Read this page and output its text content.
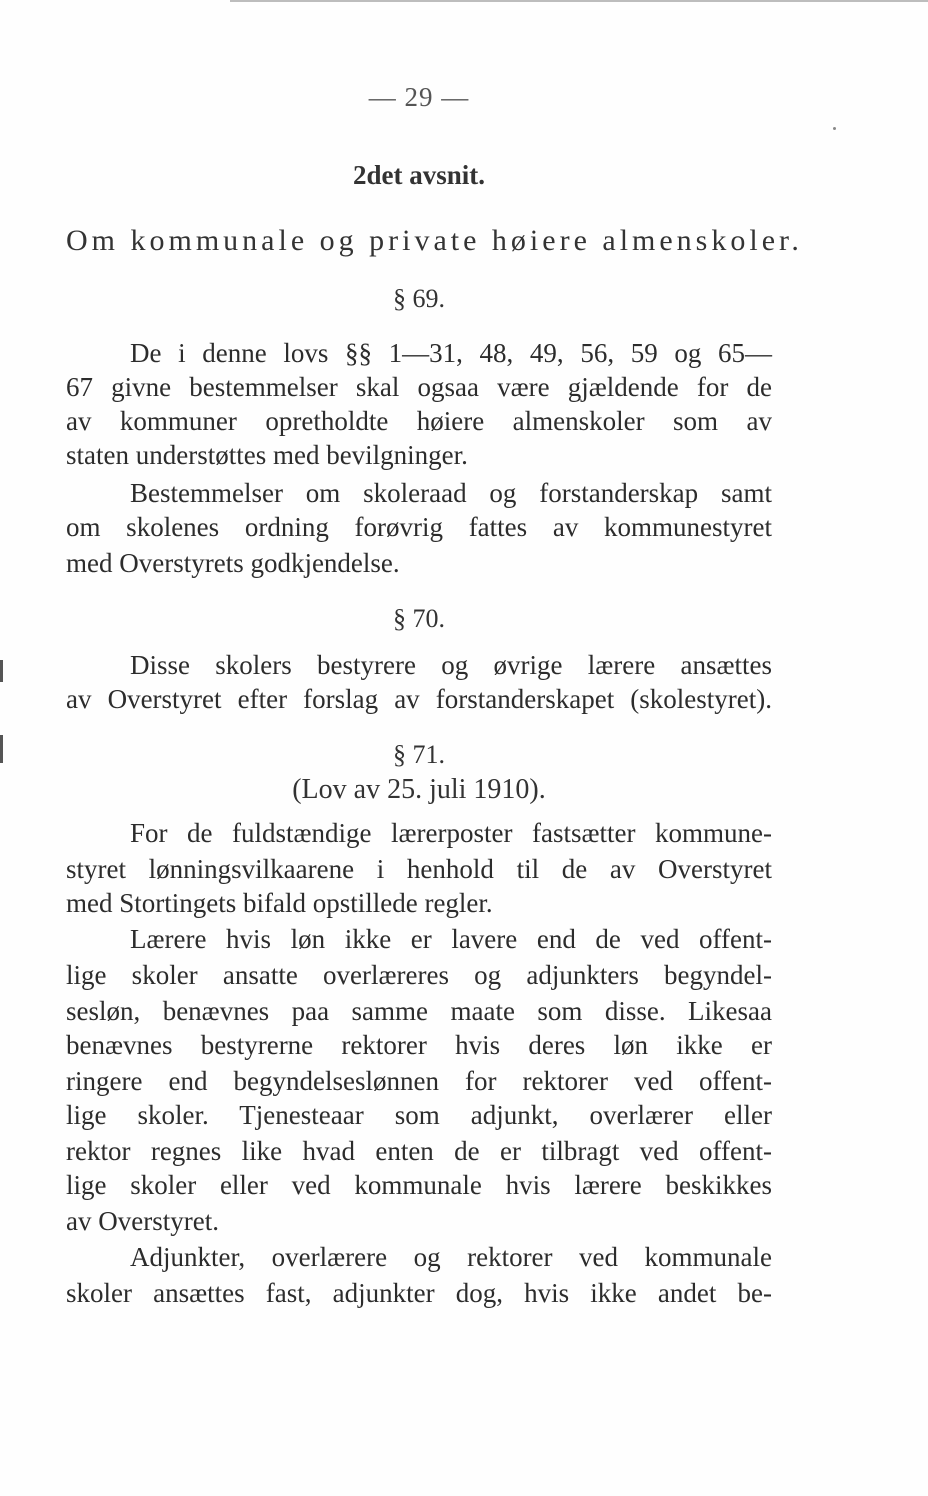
— 29 —
2det avsnit.
Om kommunale og private høiere almenskoler.
§ 69.
De i denne lovs §§ 1—31, 48, 49, 56, 59 og 65—
67 givne bestemmelser skal ogsaa være gjældende for de
av kommuner opretholdte høiere almenskoler som av
staten understøttes med bevilgninger.
Bestemmelser om skoleraad og forstanderskap samt
om skolenes ordning forøvrig fattes av kommunestyret
med Overstyrets godkjendelse.
§ 70.
Disse skolers bestyrere og øvrige lærere ansættes
av Overstyret efter forslag av forstanderskapet (skolestyret).
§ 71.
(Lov av 25. juli 1910).
For de fuldstændige lærerposter fastsætter kommune-
styret lønningsvilkaarene i henhold til de av Overstyret
med Stortingets bifald opstillede regler.
Lærere hvis løn ikke er lavere end de ved offent-
lige skoler ansatte overlæreres og adjunkters begyndel-
sesløn, benævnes paa samme maate som disse. Likesaa
benævnes bestyrerne rektorer hvis deres løn ikke er
ringere end begyndelseslønnen for rektorer ved offent-
lige skoler. Tjenesteaar som adjunkt, overlærer eller
rektor regnes like hvad enten de er tilbragt ved offent-
lige skoler eller ved kommunale hvis lærere beskikkes
av Overstyret.
Adjunkter, overlærere og rektorer ved kommunale
skoler ansættes fast, adjunkter dog, hvis ikke andet be-
